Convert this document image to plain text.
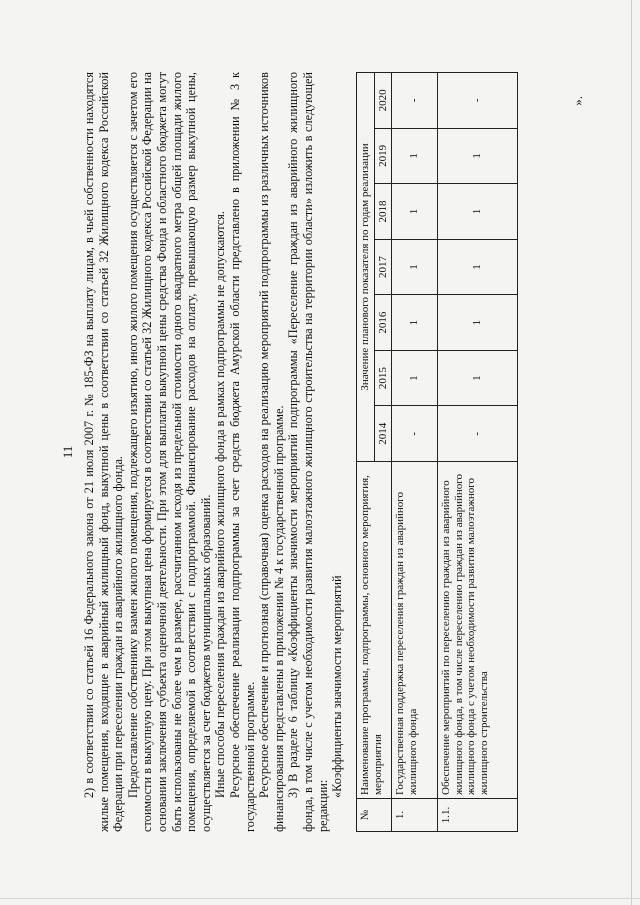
11 2) в соответствии со статьей 16 Федерального закона от 21 июля 2007 г. № 185-ФЗ на выплату лицам, в чьей собственности находятся жилые помещения, входящие в аварийный жилищный фонд, выкупной цены в соответствии со статьей 32 Жилищного кодекса Российской Федерации при переселении граждан из аварийного жилищного фонда. Предоставление собственнику взамен жилого помещения, подлежащего изъятию, иного жилого помещения осуществляется с зачетом его стоимости в выкупную цену. При этом выкупная цена формируется в соответствии со статьей 32 Жилищного кодекса Российской Федерации на основании заключения субъекта оценочной деятельности. При этом для выплаты выкупной цены средства Фонда и областного бюджета могут быть использованы не более чем в размере, рассчитанном исходя из предельной стоимости одного квадратного метра общей площади жилого помещения, определяемой в соответствии с подпрограммой. Финансирование расходов на оплату, превышающую размер выкупной цены, осуществляется за счет бюджетов муниципальных образований. Иные способы переселения граждан из аварийного жилищного фонда в рамках подпрограммы не допускаются. Ресурсное обеспечение реализации подпрограммы за счет средств бюджета Амурской области представлено в приложении № 3 к государственной программе. Ресурсное обеспечение и прогнозная (справочная) оценка расходов на реализацию мероприятий подпрограммы из различных источников финансирования представлены в приложении № 4 к государственной программе. 3) В разделе 6 таблицу «Коэффициенты значимости мероприятий подпрограммы «Переселение граждан из аварийного жилищного фонда, в том числе с учетом необходимости развития малоэтажного жилищного строительства на территории области» изложить в следующей редакции:

«Коэффициенты значимости мероприятий

№	Наименование программы, подпрограммы, основного мероприятия, мероприятия	Значение планового показателя по годам реализации						
		2014	2015	2016	2017	2018	2019	2020
1.	Государственная поддержка переселения граждан из аварийного жилищного фонда	-	1	1	1	1	1	-
1.1.	Обеспечение мероприятий по переселению граждан из аварийного жилищного фонда, в том числе переселению граждан из аварийного жилищного фонда с учетом необходимости развития малоэтажного жилищного строительства	-	1	1	1	1	1	-	».
